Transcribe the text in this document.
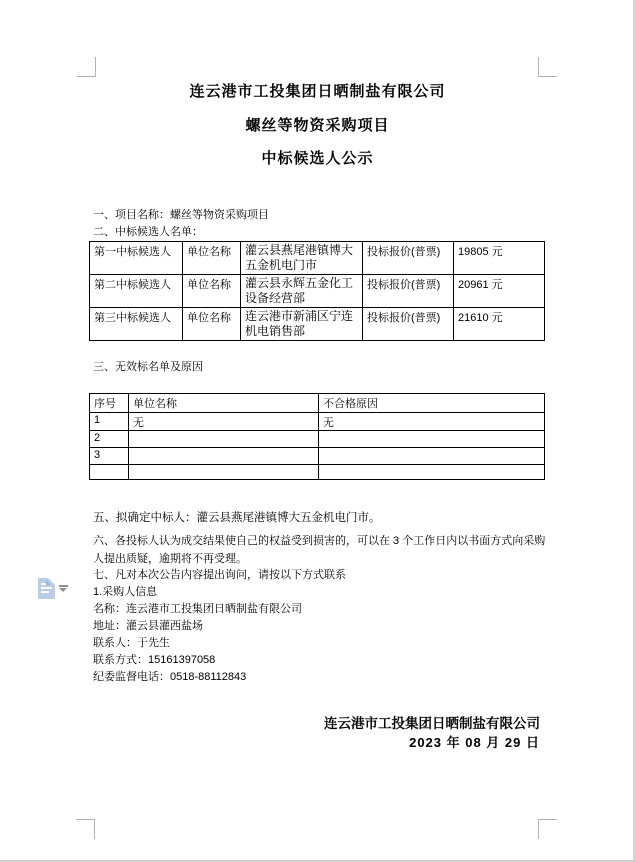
连云港市工投集团日晒制盐有限公司
螺丝等物资采购项目
中标候选人公示
一、项目名称：螺丝等物资采购项目
二、中标候选人名单：
第一中标候选人	单位名称	灌云县燕尾港镇博大五金机电门市	投标报价(普票)	19805 元
第二中标候选人	单位名称	灌云县永辉五金化工设备经营部	投标报价(普票)	20961 元
第三中标候选人	单位名称	连云港市新浦区宁连机电销售部	投标报价(普票)	21610 元
三、无效标名单及原因
序号	单位名称	不合格原因
1	无	无
2		
3		

五、拟确定中标人：灌云县燕尾港镇博大五金机电门市。
六、各投标人认为成交结果使自己的权益受到损害的，可以在 3 个工作日内以书面方式向采购人提出质疑，逾期将不再受理。
七、凡对本次公告内容提出询问，请按以下方式联系
1.采购人信息
名称：连云港市工投集团日晒制盐有限公司
地址：灌云县灌西盐场
联系人：于先生
联系方式：15161397058
纪委监督电话：0518-88112843
连云港市工投集团日晒制盐有限公司
2023 年 08 月 29 日
